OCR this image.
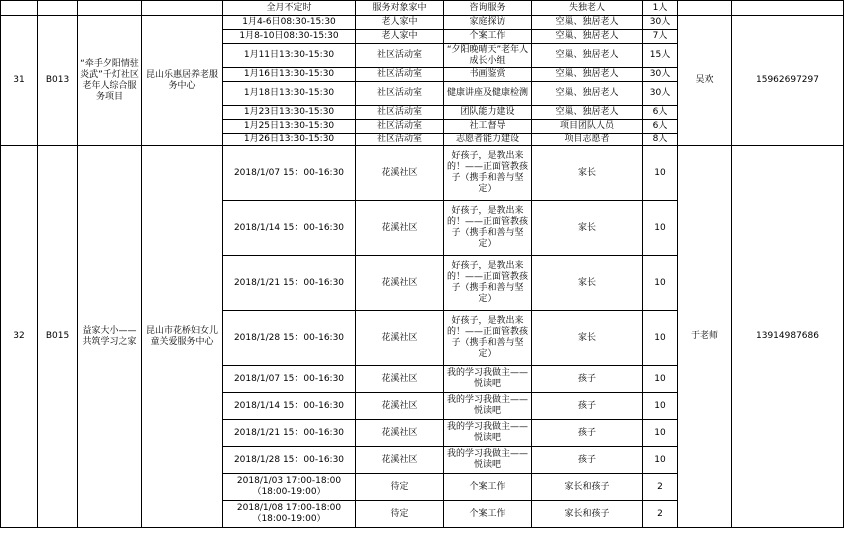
				全月不定时	服务对象家中	咨询服务	失独老人	1人		
31	B013	“牵手夕阳情驻炎武”千灯社区老年人综合服务项目	昆山乐惠居养老服务中心	1月4-6日08:30-15:30	老人家中	家庭探访	空巢、独居老人	30人	吴欢	15962697297
				1月8-10日08:30-15:30	老人家中	个案工作	空巢、独居老人	7人		
				1月11日13:30-15:30	社区活动室	“夕阳晚晴天”老年人成长小组	空巢、独居老人	15人		
				1月16日13:30-15:30	社区活动室	书画鉴赏	空巢、独居老人	30人		
				1月18日13:30-15:30	社区活动室	健康讲座及健康检测	空巢、独居老人	30人		
				1月23日13:30-15:30	社区活动室	团队能力建设	空巢、独居老人	6人		
				1月25日13:30-15:30	社区活动室	社工督导	项目团队人员	6人		
				1月26日13:30-15:30	社区活动室	志愿者能力建设	项目志愿者	8人		
32	B015	益家大小——共筑学习之家	昆山市花桥妇女儿童关爱服务中心	2018/1/07 15：00-16:30	花溪社区	好孩子，是教出来的！——正面管教孩子（携手和善与坚定）	家长	10	于老师	13914987686
				2018/1/14 15：00-16:30	花溪社区	好孩子，是教出来的！——正面管教孩子（携手和善与坚定）	家长	10		
				2018/1/21 15：00-16:30	花溪社区	好孩子，是教出来的！——正面管教孩子（携手和善与坚定）	家长	10		
				2018/1/28 15：00-16:30	花溪社区	好孩子，是教出来的！——正面管教孩子（携手和善与坚定）	家长	10		
				2018/1/07 15：00-16:30	花溪社区	我的学习我做主——悦读吧	孩子	10		
				2018/1/14 15：00-16:30	花溪社区	我的学习我做主——悦读吧	孩子	10		
				2018/1/21 15：00-16:30	花溪社区	我的学习我做主——悦读吧	孩子	10		
				2018/1/28 15：00-16:30	花溪社区	我的学习我做主——悦读吧	孩子	10		
				2018/1/03 17:00-18:00（18:00-19:00）	待定	个案工作	家长和孩子	2		
				2018/1/08 17:00-18:00（18:00-19:00）	待定	个案工作	家长和孩子	2		
